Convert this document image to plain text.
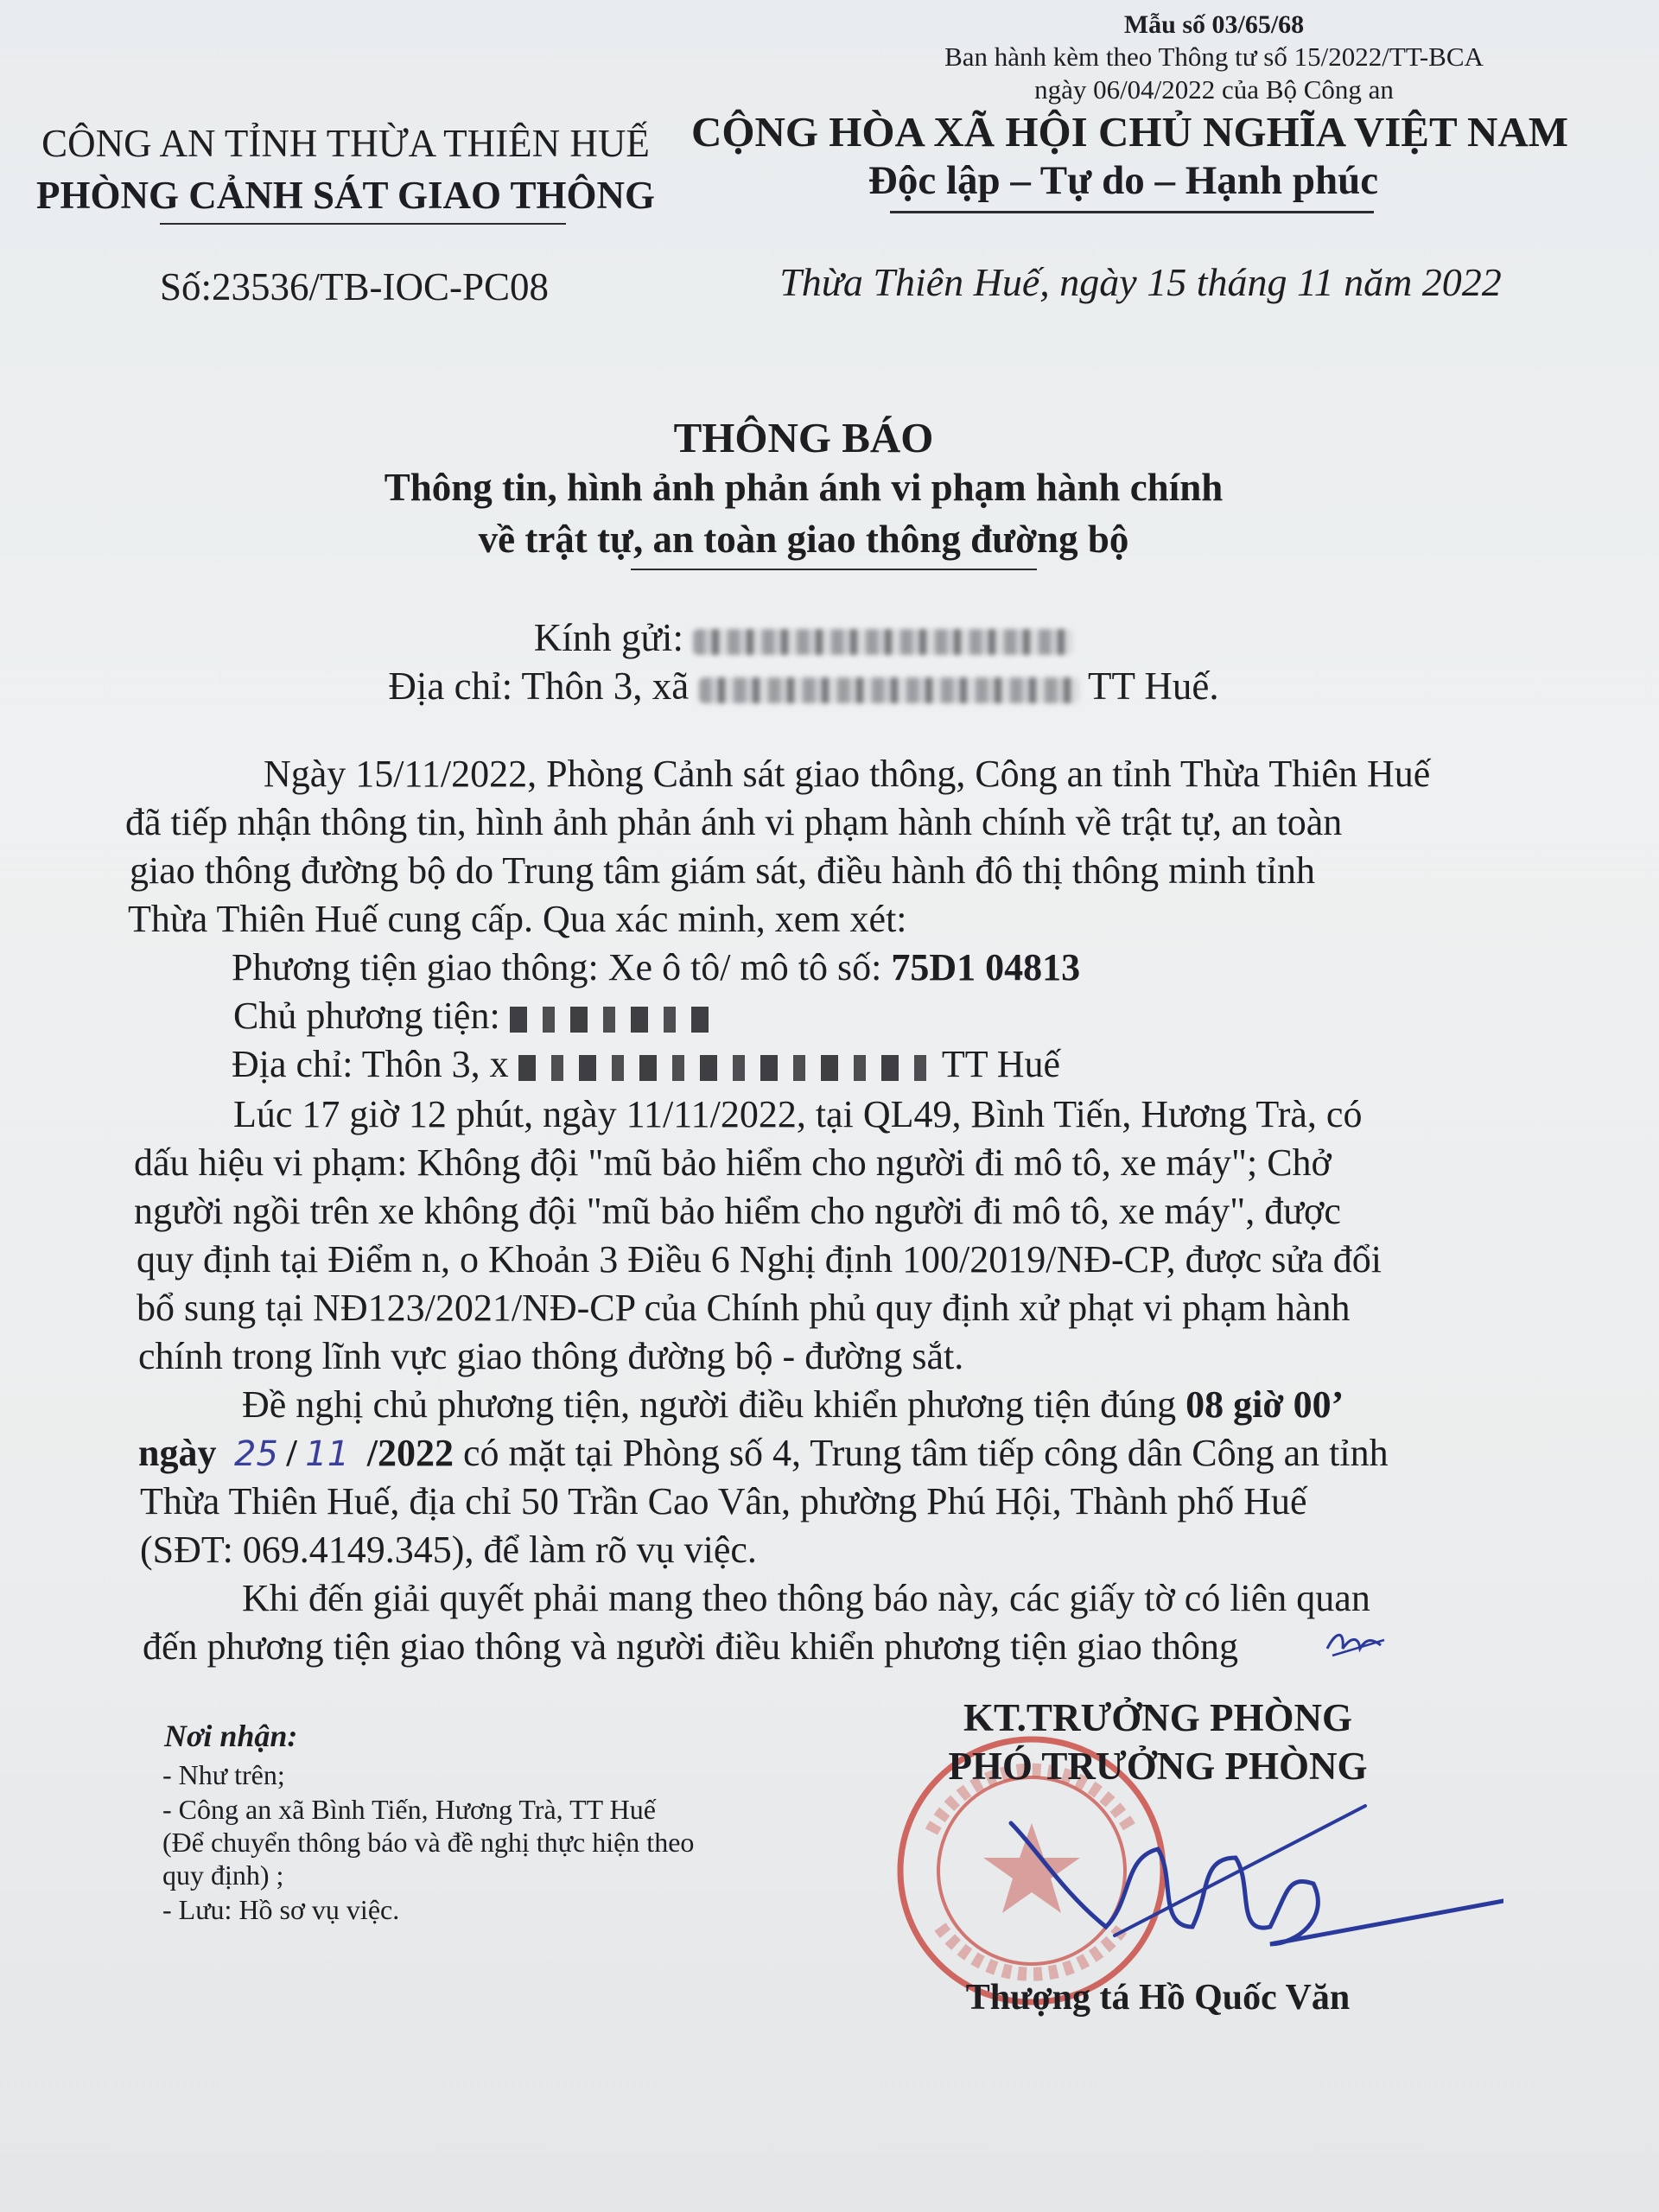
Mẫu số 03/65/68
Ban hành kèm theo Thông tư số 15/2022/TT-BCA
ngày 06/04/2022 của Bộ Công an
CÔNG AN TỈNH THỪA THIÊN HUẾ
PHÒNG CẢNH SÁT GIAO THÔNG
CỘNG HÒA XÃ HỘI CHỦ NGHĨA VIỆT NAM
Độc lập – Tự do – Hạnh phúc
Số:23536/TB-IOC-PC08	Thừa Thiên Huế, ngày 15 tháng 11 năm 2022
THÔNG BÁO
Thông tin, hình ảnh phản ánh vi phạm hành chính
về trật tự, an toàn giao thông đường bộ
Kính gửi:
Địa chỉ: Thôn 3, xã	TT Huế.
Ngày 15/11/2022, Phòng Cảnh sát giao thông, Công an tỉnh Thừa Thiên Huế
đã tiếp nhận thông tin, hình ảnh phản ánh vi phạm hành chính về trật tự, an toàn
giao thông đường bộ do Trung tâm giám sát, điều hành đô thị thông minh tỉnh
Thừa Thiên Huế cung cấp. Qua xác minh, xem xét:
Phương tiện giao thông: Xe ô tô/ mô tô số: 75D1 04813
Chủ phương tiện:
Địa chỉ: Thôn 3, x	TT Huế
Lúc 17 giờ 12 phút, ngày 11/11/2022, tại QL49, Bình Tiến, Hương Trà, có
dấu hiệu vi phạm: Không đội "mũ bảo hiểm cho người đi mô tô, xe máy"; Chở
người ngồi trên xe không đội "mũ bảo hiểm cho người đi mô tô, xe máy", được
quy định tại Điểm n, o Khoản 3 Điều 6 Nghị định 100/2019/NĐ-CP, được sửa đổi
bổ sung tại NĐ123/2021/NĐ-CP của Chính phủ quy định xử phạt vi phạm hành
chính trong lĩnh vực giao thông đường bộ - đường sắt.
Đề nghị chủ phương tiện, người điều khiển phương tiện đúng 08 giờ 00’
ngày 25 / 11 /2022 có mặt tại Phòng số 4, Trung tâm tiếp công dân Công an tỉnh
Thừa Thiên Huế, địa chỉ 50 Trần Cao Vân, phường Phú Hội, Thành phố Huế
(SĐT: 069.4149.345), để làm rõ vụ việc.
Khi đến giải quyết phải mang theo thông báo này, các giấy tờ có liên quan
đến phương tiện giao thông và người điều khiển phương tiện giao thông
Nơi nhận:
- Như trên;
- Công an xã Bình Tiến, Hương Trà, TT Huế
(Để chuyển thông báo và đề nghị thực hiện theo
quy định) ;
- Lưu: Hồ sơ vụ việc.
KT.TRƯỞNG PHÒNG
PHÓ TRƯỞNG PHÒNG
Thượng tá Hồ Quốc Văn
